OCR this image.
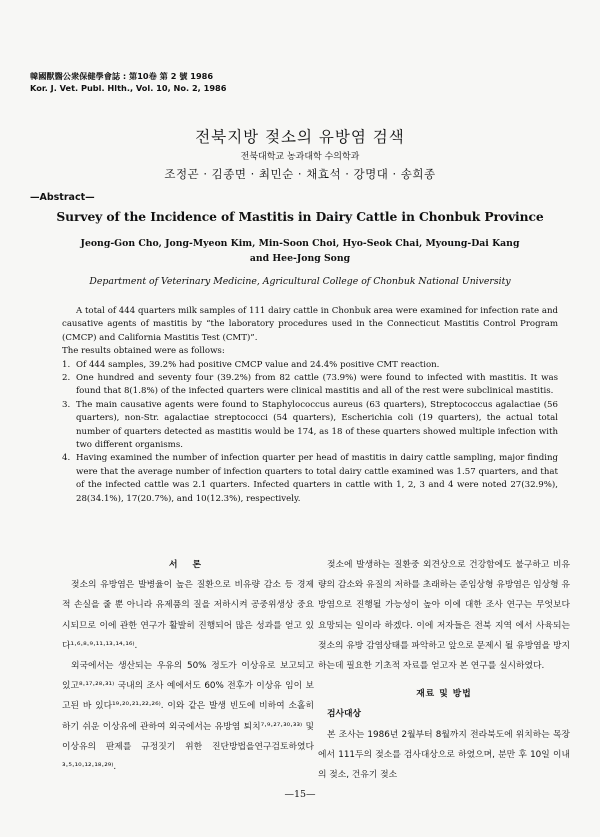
韓國獸醫公衆保健學會誌 : 第10卷 第 2 號 1986
Kor. J. Vet. Publ. Hlth., Vol. 10, No. 2, 1986
전북지방 젖소의 유방염 검색
전북대학교 농과대학 수의학과
조정곤 · 김종면 · 최민순 · 채효석 · 강명대 · 송희종
—Abstract—
Survey of the Incidence of Mastitis in Dairy Cattle in Chonbuk Province
Jeong-Gon Cho, Jong-Myeon Kim, Min-Soon Choi, Hyo-Seok Chai, Myoung-Dai Kang
and Hee-Jong Song
Department of Veterinary Medicine, Agricultural College of Chonbuk National University

A total of 444 quarters milk samples of 111 dairy cattle in Chonbuk area were examined for infection rate and causative agents of mastitis by “the laboratory procedures used in the Connecticut Mastitis Control Program (CMCP) and California Mastitis Test (CMT)”.

The results obtained were as follows:

1. Of 444 samples, 39.2% had positive CMCP value and 24.4% positive CMT reaction.
2. One hundred and seventy four (39.2%) from 82 cattle (73.9%) were found to infected with mastitis. It was found that 8(1.8%) of the infected quarters were clinical mastitis and all of the rest were subclinical mastitis.
3. The main causative agents were found to Staphylococcus aureus (63 quarters), Streptococcus agalactiae (56 quarters), non-Str. agalactiae streptococci (54 quarters), Escherichia coli (19 quarters), the actual total number of quarters detected as mastitis would be 174, as 18 of these quarters showed multiple infection with two different organisms.
4. Having examined the number of infection quarter per head of mastitis in dairy cattle sampling, major finding were that the average number of infection quarters to total dairy cattle examined was 1.57 quarters, and that of the infected cattle was 2.1 quarters. Infected quarters in cattle with 1, 2, 3 and 4 were noted 27(32.9%), 28(34.1%), 17(20.7%), and 10(12.3%), respectively.

서 론

젖소의 유방염은 발병율이 높은 질환으로 비유량 감소 등 경제적 손실을 줄 뿐 아니라 유제품의 질을 저하시켜 공중위생상 중요시되므로 이에 관한 연구가 활발히 진행되어 많은 성과를 얻고 있다¹·⁶·⁸·⁹·¹¹·¹³·¹⁴·¹⁶⁾.

외국에서는 생산되는 우유의 50% 정도가 이상유로 보고되고 있고⁸·¹⁷·²⁸·³¹⁾ 국내의 조사 예에서도 60% 전후가 이상유 임이 보고된 바 있다¹⁹·²⁰·²¹·²²·²⁶⁾. 이와 같은 발생 빈도에 비하여 소홀히 하기 쉬운 이상유에 관하여 외국에서는 유방염 퇴치⁷·⁹·²⁷·³⁰·³³⁾ 및 이상유의 판제를 규정짓기 위한 진단방법을연구검토하였다³·⁵·¹⁰·¹²·¹⁸·²⁹⁾.

젖소에 발생하는 질환중 외견상으로 건강함에도 불구하고 비유량의 감소와 유질의 저하를 초래하는 준임상형 유방염은 임상형 유방염으로 진행될 가능성이 높아 이에 대한 조사 연구는 무엇보다 요망되는 일이라 하겠다. 이에 저자들은 전북 지역 에서 사육되는 젖소의 유방 감염상태를 파악하고 앞으로 문제시 될 유방염을 방지하는데 필요한 기초적 자료를 얻고자 본 연구를 실시하였다.

재료 및 방법

검사대상

본 조사는 1986년 2월부터 8월까지 전라북도에 위치하는 목장에서 111두의 젖소를 검사대상으로 하였으며, 분만 후 10일 이내의 젖소, 건유기 젖소

—15—
